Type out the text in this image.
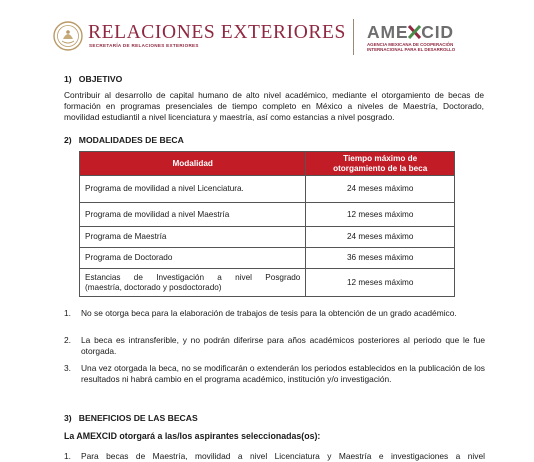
RELACIONES EXTERIORES
SECRETARÍA DE RELACIONES EXTERIORES
AME CID
AGENCIA MEXICANA DE COOPERACIÓN
INTERNACIONAL PARA EL DESARROLLO
1)   OBJETIVO
Contribuir al desarrollo de capital humano de alto nivel académico, mediante el otorgamiento de becas de formación en programas presenciales de tiempo completo en México a niveles de Maestría, Doctorado, movilidad estudiantil a nivel licenciatura y maestría, así como estancias a nivel posgrado.
2)   MODALIDADES DE BECA
Modalidad	Tiempo máximo de
otorgamiento de la beca

Programa de movilidad a nivel Licenciatura.	24 meses máximo
Programa de movilidad a nivel Maestría	12 meses máximo
Programa de Maestría	24 meses máximo
Programa de Doctorado	36 meses máximo

Estancias de Investigación a nivel Posgrado
(maestría, doctorado y posdoctorado)	12 meses máximo
1. No se otorga beca para la elaboración de trabajos de tesis para la obtención de un grado académico.
2. La beca es intransferible, y no podrán diferirse para años académicos posteriores al periodo que le fue otorgada.
3. Una vez otorgada la beca, no se modificarán o extenderán los periodos establecidos en la publicación de los resultados ni habrá cambio en el programa académico, institución y/o investigación.
3)   BENEFICIOS DE LAS BECAS
La AMEXCID otorgará a las/los aspirantes seleccionadas(os):
1. Para becas de Maestría, movilidad a nivel Licenciatura y Maestría e investigaciones a nivel
